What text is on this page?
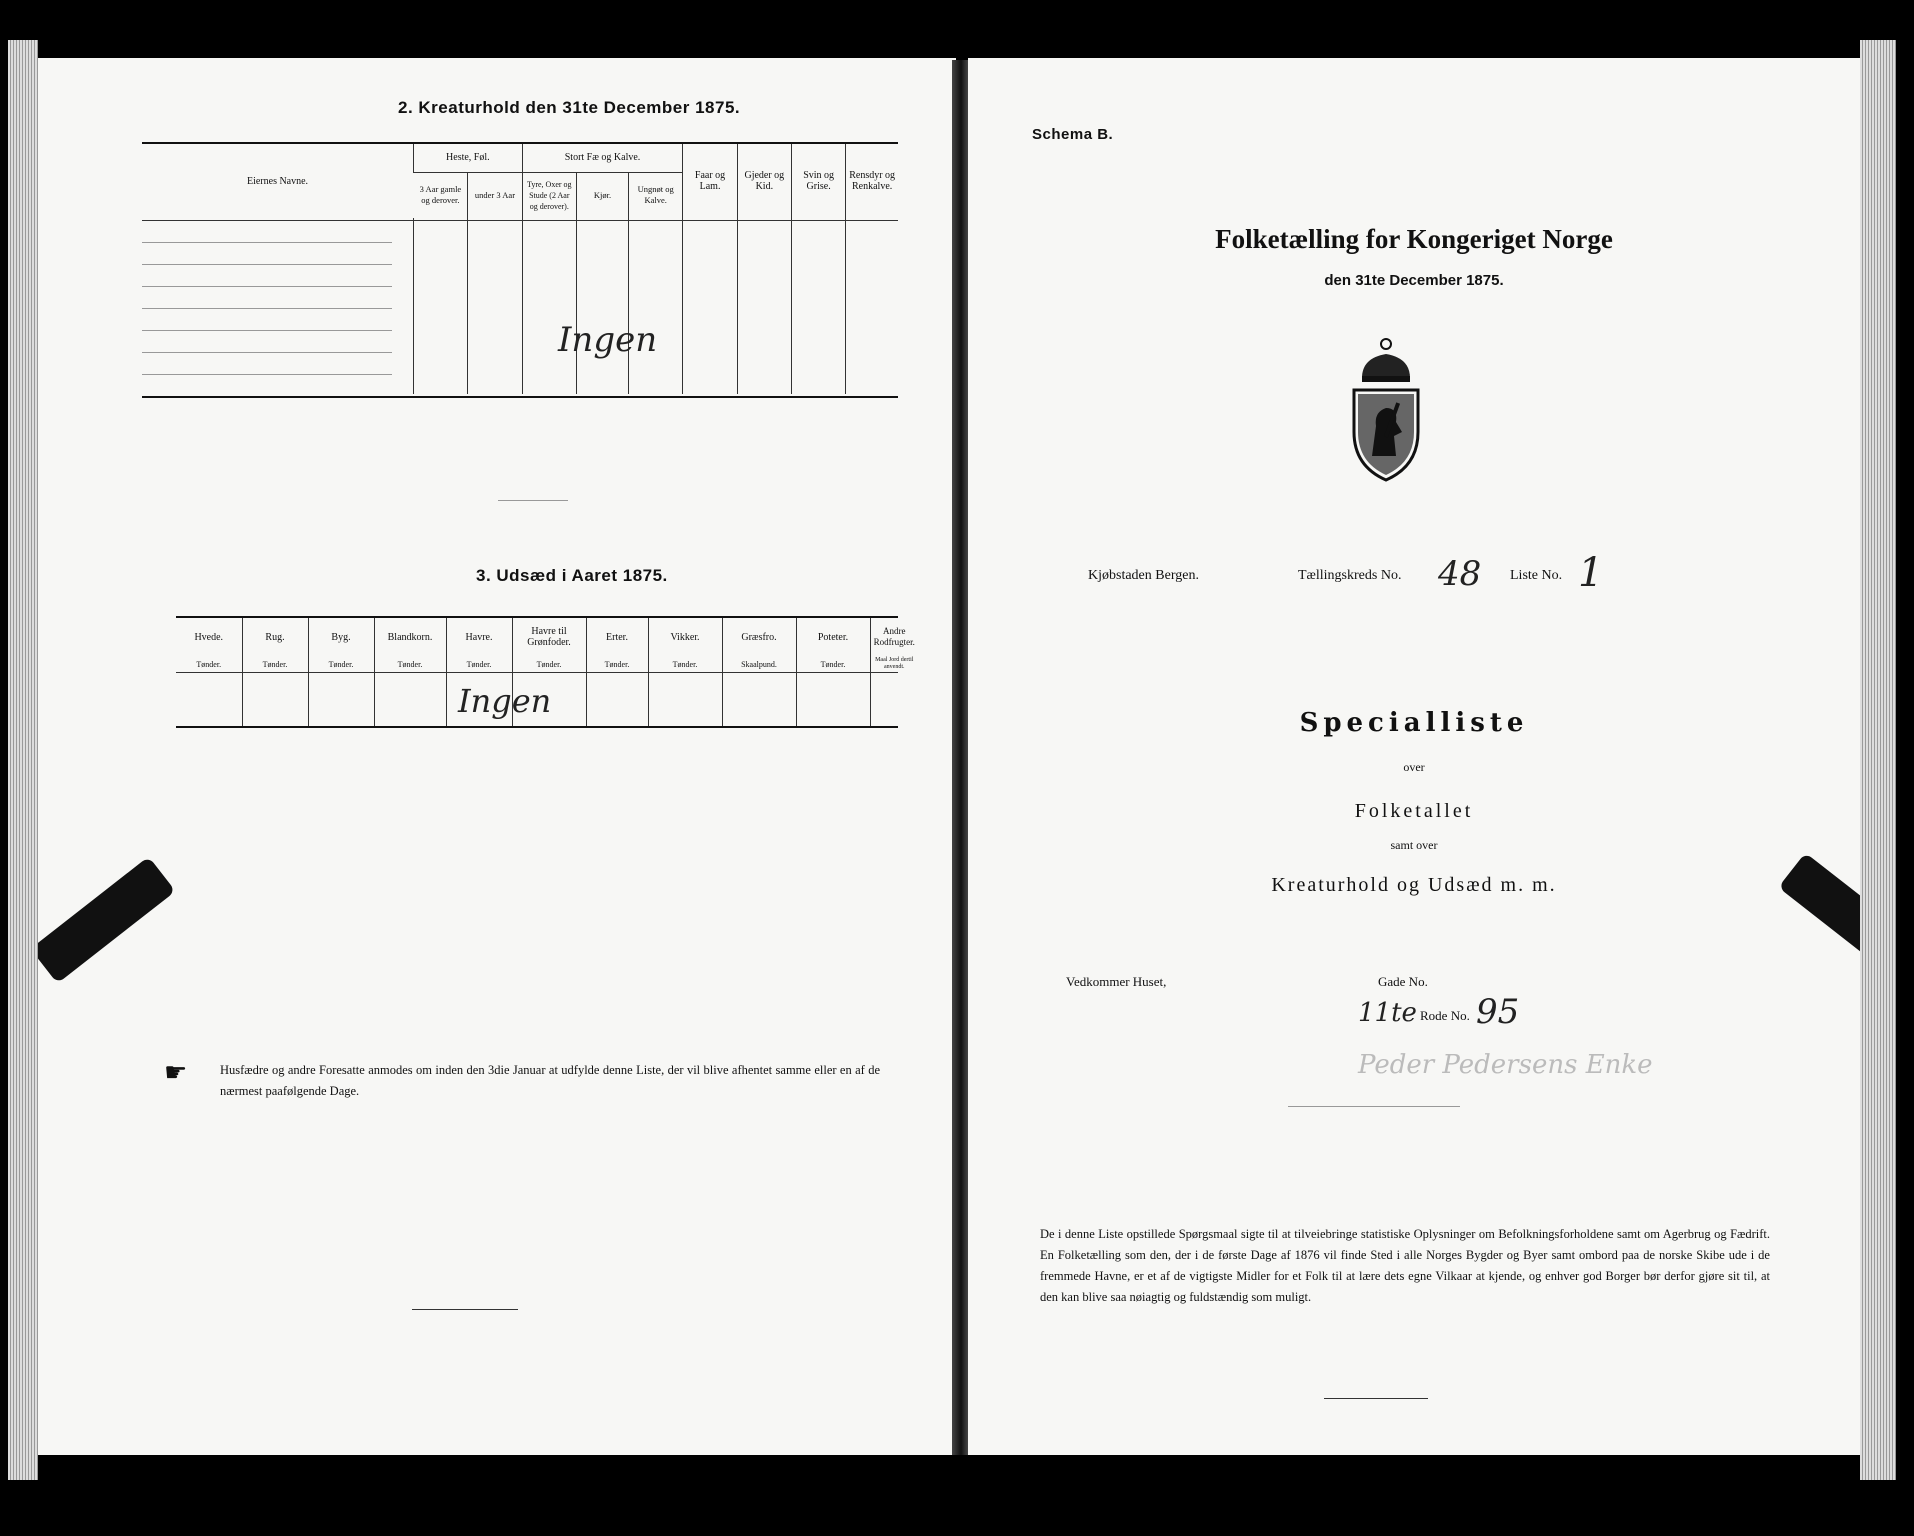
2. Kreaturhold den 31te December 1875.
Eiernes Navne.	Heste, Føl.		Stort Fæ og Kalve.			Faar og Lam.	Gjeder og Kid.	Svin og Grise.	Rensdyr og Renkalve.
	3 Aar gamle og derover.	under 3 Aar	Tyre, Oxer og Stude (2 Aar og derover).	Kjør.	Ungnøt og Kalve.				

Ingen
3. Udsæd i Aaret 1875.
Hvede.	Rug.	Byg.	Blandkorn.	Havre.	Havre til Grønfoder.	Erter.	Vikker.	Græsfro.	Poteter.	Andre Rodfrugter.
Tønder.	Tønder.	Tønder.	Tønder.	Tønder.	Tønder.	Tønder.	Tønder.	Skaalpund.	Tønder.	Maal Jord dertil anvendt.

Ingen
☛	Husfædre og andre Foresatte anmodes om inden den 3die Januar at udfylde denne Liste, der vil blive afhentet samme eller en af de nærmest paafølgende Dage.
Schema B.
Folketælling for Kongeriget Norge
den 31te December 1875.
Kjøbstaden Bergen.	Tællingskreds No. 48 Liste No. 1
Specialliste
over
Folketallet
samt over
Kreaturhold og Udsæd m. m.
Vedkommer Huset,	Gade No.
11te Rode No. 95
Peder Pedersens Enke
De i denne Liste opstillede Spørgsmaal sigte til at tilveiebringe statistiske Oplysninger om Befolkningsforholdene samt om Agerbrug og Fædrift. En Folketælling som den, der i de første Dage af 1876 vil finde Sted i alle Norges Bygder og Byer samt ombord paa de norske Skibe ude i de fremmede Havne, er et af de vigtigste Midler for et Folk til at lære dets egne Vilkaar at kjende, og enhver god Borger bør derfor gjøre sit til, at den kan blive saa nøiagtig og fuldstændig som muligt.
